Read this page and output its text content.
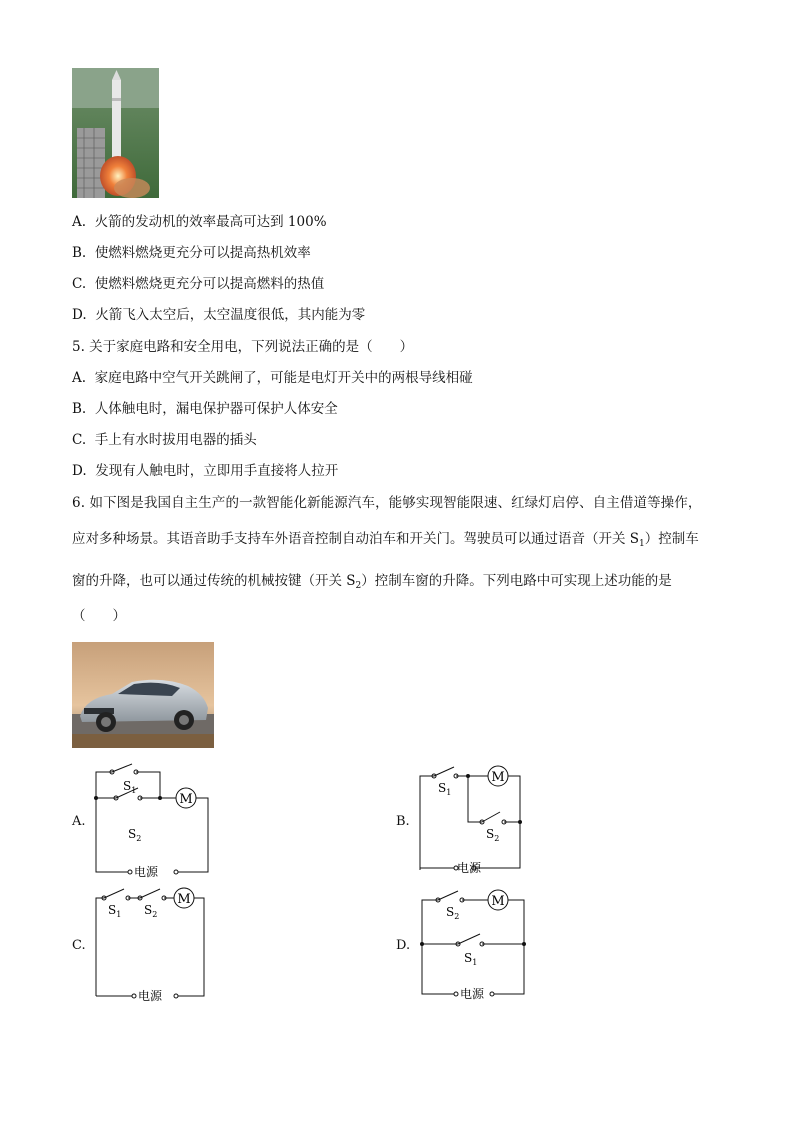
A. 火箭的发动机的效率最高可达到 100%
B. 使燃料燃烧更充分可以提高热机效率
C. 使燃料燃烧更充分可以提高燃料的热值
D. 火箭飞入太空后，太空温度很低，其内能为零
5. 关于家庭电路和安全用电，下列说法正确的是（　　）
A. 家庭电路中空气开关跳闸了，可能是电灯开关中的两根导线相碰
B. 人体触电时，漏电保护器可保护人体安全
C. 手上有水时拔用电器的插头
D. 发现有人触电时，立即用手直接将人拉开
6. 如下图是我国自主生产的一款智能化新能源汽车，能够实现智能限速、红绿灯启停、自主借道等操作，
应对多种场景。其语音助手支持车外语音控制自动泊车和开关门。驾驶员可以通过语音（开关 $S_1$）控制车
窗的升降，也可以通过传统的机械按键（开关 $S_2$）控制车窗的升降。下列电路中可实现上述功能的是
（　　）
A.
M
$S_1$
$S_2$
电源
B.
M
$S_1$
$S_2$
电源
C.
M
$S_1$ $S_2$
电源
D.
M
$S_2$
$S_1$
电源
